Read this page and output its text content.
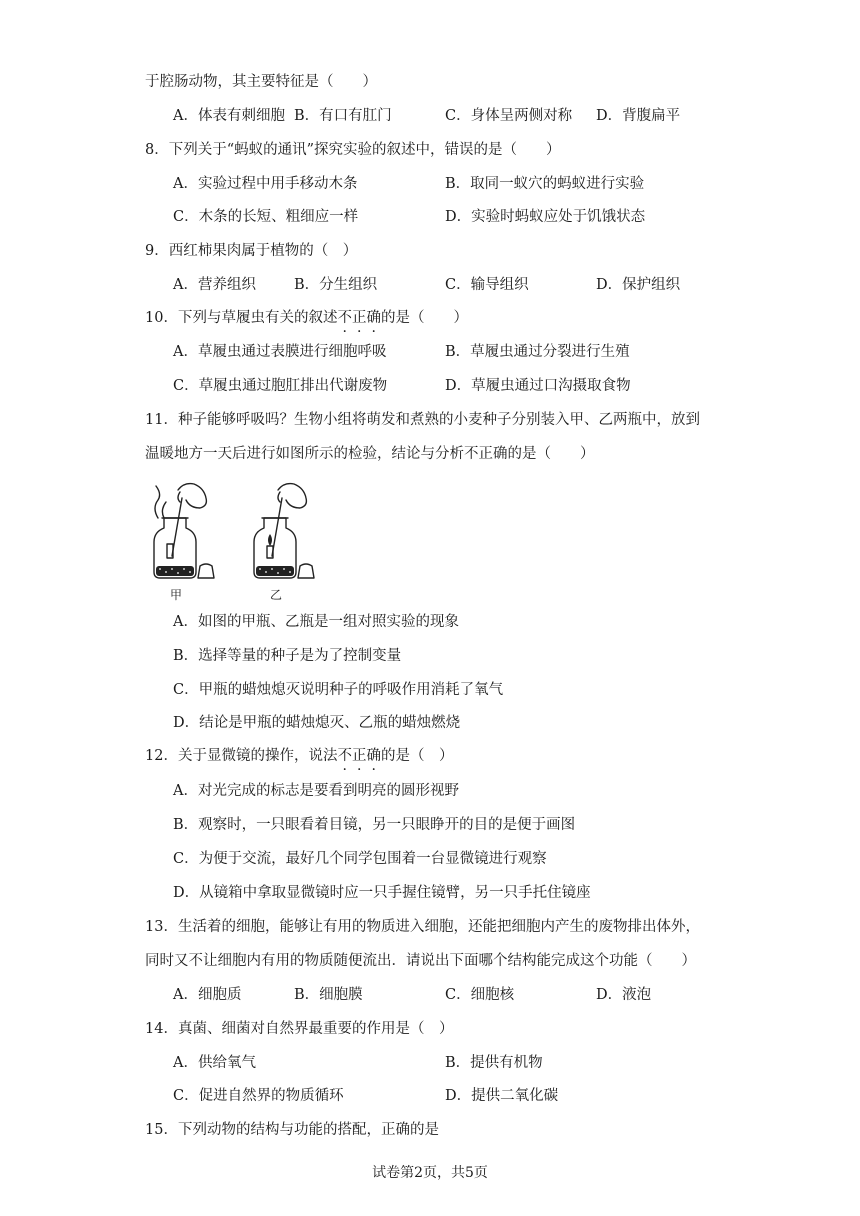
于腔肠动物，其主要特征是（　　）
A．体表有刺细胞 B．有口有肛门	C．身体呈两侧对称 D．背腹扁平
8．下列关于“蚂蚁的通讯”探究实验的叙述中，错误的是（　　）
A．实验过程中用手移动木条	B．取同一蚁穴的蚂蚁进行实验
C．木条的长短、粗细应一样	D．实验时蚂蚁应处于饥饿状态
9．西红柿果肉属于植物的（　）
A．营养组织	B．分生组织	C．输导组织	D．保护组织
10．下列与草履虫有关的叙述不正确的是（　　）
A．草履虫通过表膜进行细胞呼吸	B．草履虫通过分裂进行生殖
C．草履虫通过胞肛排出代谢废物	D．草履虫通过口沟摄取食物
11．种子能够呼吸吗？生物小组将萌发和煮熟的小麦种子分别装入甲、乙两瓶中，放到
温暖地方一天后进行如图所示的检验，结论与分析不正确的是（　　）
甲	乙
A．如图的甲瓶、乙瓶是一组对照实验的现象
B．选择等量的种子是为了控制变量
C．甲瓶的蜡烛熄灭说明种子的呼吸作用消耗了氧气
D．结论是甲瓶的蜡烛熄灭、乙瓶的蜡烛燃烧
12．关于显微镜的操作，说法不正确的是（　）
A．对光完成的标志是要看到明亮的圆形视野
B．观察时，一只眼看着目镜，另一只眼睁开的目的是便于画图
C．为便于交流，最好几个同学包围着一台显微镜进行观察
D．从镜箱中拿取显微镜时应一只手握住镜臂，另一只手托住镜座
13．生活着的细胞，能够让有用的物质进入细胞，还能把细胞内产生的废物排出体外，
同时又不让细胞内有用的物质随便流出．请说出下面哪个结构能完成这个功能（　　）
A．细胞质	B．细胞膜	C．细胞核	D．液泡
14．真菌、细菌对自然界最重要的作用是（　）
A．供给氧气	B．提供有机物
C．促进自然界的物质循环	D．提供二氧化碳
15．下列动物的结构与功能的搭配，正确的是
试卷第2页，共5页
